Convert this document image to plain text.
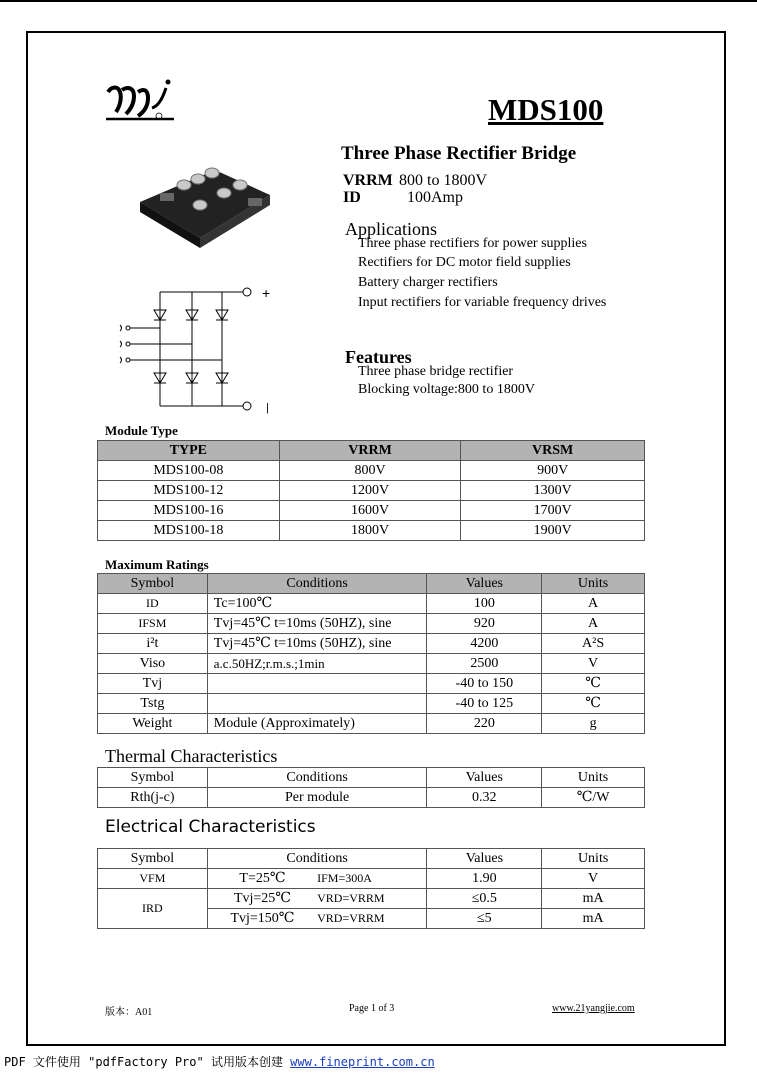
MDS100
+
|
Three Phase Rectifier Bridge
VRRM 800 to 1800V
ID	100Amp
Applications
Three phase rectifiers for power supplies
Rectifiers for DC motor field supplies
Battery charger rectifiers
Input rectifiers for variable frequency drives
Features
Three phase bridge rectifier
Blocking voltage:800 to 1800V
Module Type
TYPE	VRRM	VRSM
MDS100-08	800V	900V
MDS100-12	1200V	1300V
MDS100-16	1600V	1700V
MDS100-18	1800V	1900V
Maximum Ratings
Symbol	Conditions	Values	Units
ID	Tc=100℃	100	A
IFSM	Tvj=45℃ t=10ms (50HZ), sine	920	A
i²t	Tvj=45℃ t=10ms (50HZ), sine	4200	A²S
Viso	a.c.50HZ;r.m.s.;1min	2500	V
Tvj		-40 to 150	℃
Tstg		-40 to 125	℃
Weight	Module (Approximately)	220	g
Thermal Characteristics
Symbol	Conditions	Values	Units
Rth(j-c)	Per module	0.32	℃/W
Electrical Characteristics
Symbol	Conditions		Values	Units
VFM	T=25℃	IFM=300A	1.90	V
IRD	Tvj=25℃	VRD=VRRM	≤0.5	mA
	Tvj=150℃	VRD=VRRM	≤5	mA
版本：A01	Page 1 of 3	www.21yangjie.com
PDF 文件使用 "pdfFactory Pro" 试用版本创建 www.fineprint.com.cn
